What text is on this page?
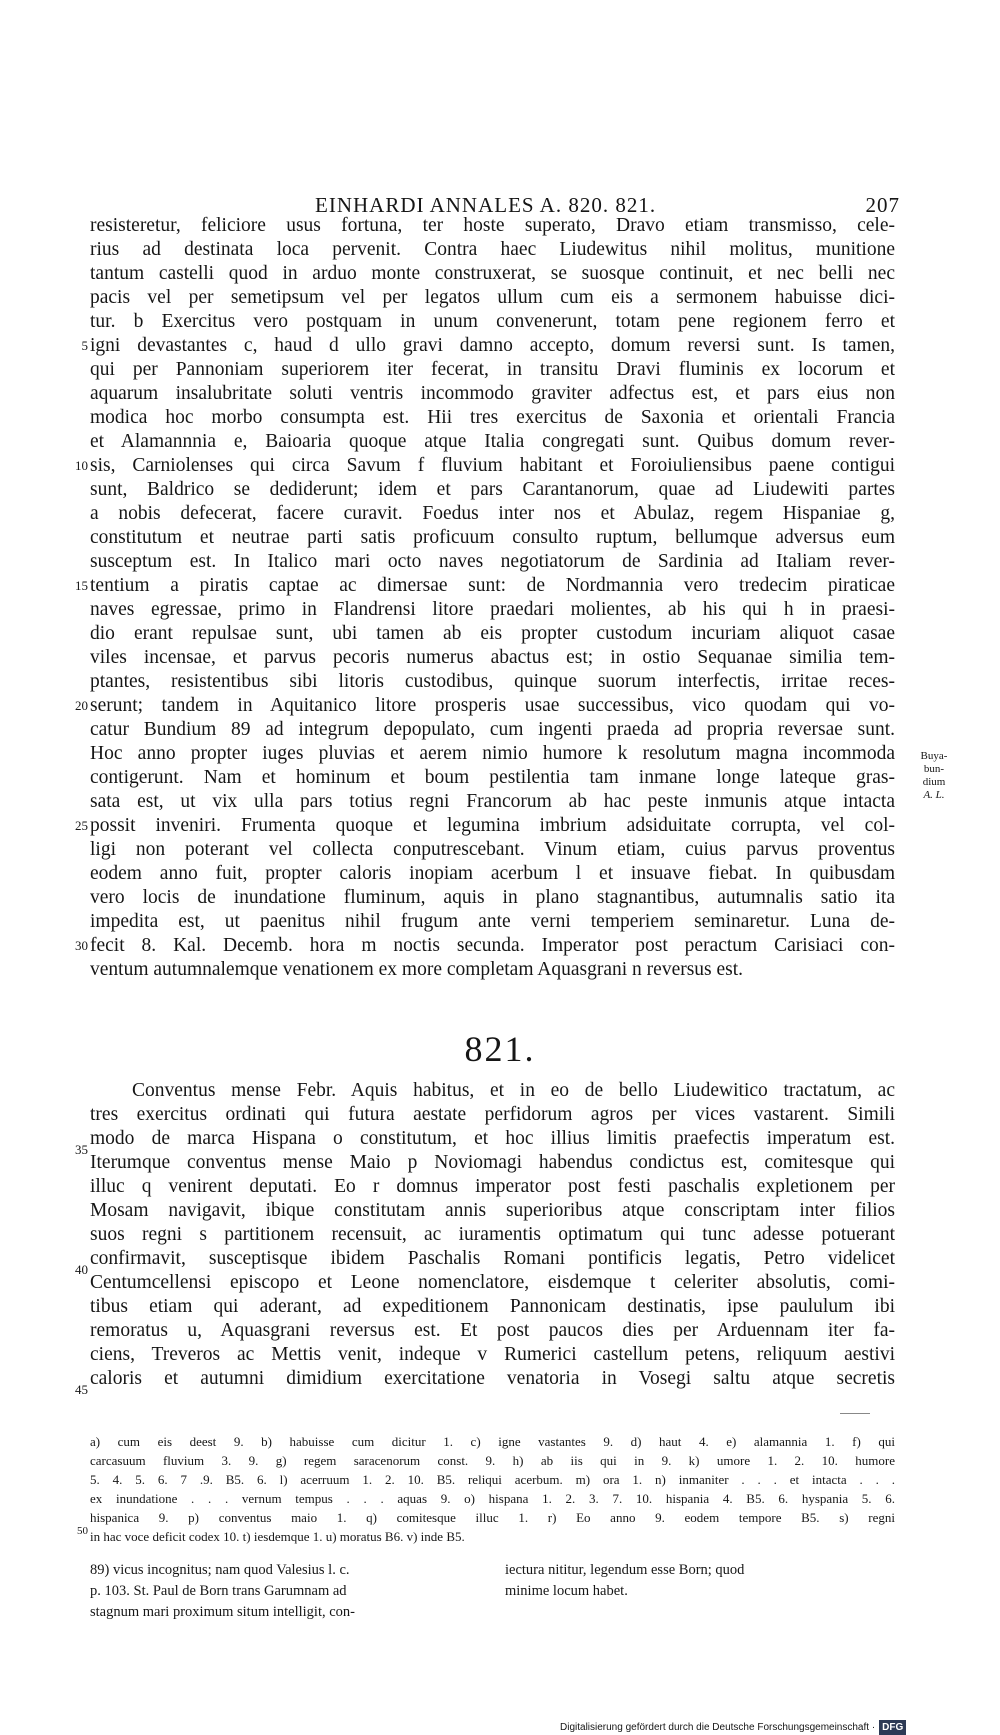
EINHARDI ANNALES A. 820. 821.	207
resisteretur, feliciore usus fortuna, ter hoste superato, Dravo etiam transmisso, cele-
rius ad destinata loca pervenit. Contra haec Liudewitus nihil molitus, munitione
tantum castelli quod in arduo monte construxerat, se suosque continuit, et nec belli nec
pacis vel per semetipsum vel per legatos ullum cum eis a sermonem habuisse dici-
tur. b Exercitus vero postquam in unum convenerunt, totam pene regionem ferro et
igni devastantes c, haud d ullo gravi damno accepto, domum reversi sunt. Is tamen,
qui per Pannoniam superiorem iter fecerat, in transitu Dravi fluminis ex locorum et
aquarum insalubritate soluti ventris incommodo graviter adfectus est, et pars eius non
modica hoc morbo consumpta est. Hii tres exercitus de Saxonia et orientali Francia
et Alamannnia e, Baioaria quoque atque Italia congregati sunt. Quibus domum rever-
sis, Carniolenses qui circa Savum f fluvium habitant et Foroiuliensibus paene contigui
sunt, Baldrico se dediderunt; idem et pars Carantanorum, quae ad Liudewiti partes
a nobis defecerat, facere curavit. Foedus inter nos et Abulaz, regem Hispaniae g,
constitutum et neutrae parti satis proficuum consulto ruptum, bellumque adversus eum
susceptum est. In Italico mari octo naves negotiatorum de Sardinia ad Italiam rever-
tentium a piratis captae ac dimersae sunt: de Nordmannia vero tredecim piraticae
naves egressae, primo in Flandrensi litore praedari molientes, ab his qui h in praesi-
dio erant repulsae sunt, ubi tamen ab eis propter custodum incuriam aliquot casae
viles incensae, et parvus pecoris numerus abactus est; in ostio Sequanae similia tem-
ptantes, resistentibus sibi litoris custodibus, quinque suorum interfectis, irritae reces-
serunt; tandem in Aquitanico litore prosperis usae successibus, vico quodam qui vo-
catur Bundium 89 ad integrum depopulato, cum ingenti praeda ad propria reversae sunt.
Hoc anno propter iuges pluvias et aerem nimio humore k resolutum magna incommoda
contigerunt. Nam et hominum et boum pestilentia tam inmane longe lateque gras-
sata est, ut vix ulla pars totius regni Francorum ab hac peste inmunis atque intacta
possit inveniri. Frumenta quoque et legumina imbrium adsiduitate corrupta, vel col-
ligi non poterant vel collecta conputrescebant. Vinum etiam, cuius parvus proventus
eodem anno fuit, propter caloris inopiam acerbum l et insuave fiebat. In quibusdam
vero locis de inundatione fluminum, aquis in plano stagnantibus, autumnalis satio ita
impedita est, ut paenitus nihil frugum ante verni temperiem seminaretur. Luna de-
fecit 8. Kal. Decemb. hora m noctis secunda. Imperator post peractum Carisiaci con-
ventum autumnalemque venationem ex more completam Aquasgrani n reversus est.
5
10
15
20
25
30
35
40
45
50
Buya-
bun-
dium
A. L.
821.
Conventus mense Febr. Aquis habitus, et in eo de bello Liudewitico tractatum, ac
tres exercitus ordinati qui futura aestate perfidorum agros per vices vastarent. Simili
modo de marca Hispana o constitutum, et hoc illius limitis praefectis imperatum est.
Iterumque conventus mense Maio p Noviomagi habendus condictus est, comitesque qui
illuc q venirent deputati. Eo r domnus imperator post festi paschalis expletionem per
Mosam navigavit, ibique constitutam annis superioribus atque conscriptam inter filios
suos regni s partitionem recensuit, ac iuramentis optimatum qui tunc adesse potuerant
confirmavit, susceptisque ibidem Paschalis Romani pontificis legatis, Petro videlicet
Centumcellensi episcopo et Leone nomenclatore, eisdemque t celeriter absolutis, comi-
tibus etiam qui aderant, ad expeditionem Pannonicam destinatis, ipse paululum ibi
remoratus u, Aquasgrani reversus est. Et post paucos dies per Arduennam iter fa-
ciens, Treveros ac Mettis venit, indeque v Rumerici castellum petens, reliquum aestivi
caloris et autumni dimidium exercitatione venatoria in Vosegi saltu atque secretis
a) cum eis deest 9. b) habuisse cum dicitur 1. c) igne vastantes 9. d) haut 4. e) alamannia 1. f) qui
carcasuum fluvium 3. 9. g) regem saracenorum const. 9. h) ab iis qui in 9. k) umore 1. 2. 10. humore
5. 4. 5. 6. 7 .9. B5. 6. l) acerruum 1. 2. 10. B5. reliqui acerbum. m) ora 1. n) inmaniter . . . et intacta . . .
ex inundatione . . . vernum tempus . . . aquas 9. o) hispana 1. 2. 3. 7. 10. hispania 4. B5. 6. hyspania 5. 6.
hispanica 9. p) conventus maio 1. q) comitesque illuc 1. r) Eo anno 9. eodem tempore B5. s) regni
in hac voce deficit codex 10. t) iesdemque 1. u) moratus B6. v) inde B5.
89) vicus incognitus; nam quod Valesius l. c.
p. 103. St. Paul de Born trans Garumnam ad
stagnum mari proximum situm intelligit, con-
iectura nititur, legendum esse Born; quod
minime locum habet.
Digitalisierung gefördert durch die Deutsche Forschungsgemeinschaft · DFG
